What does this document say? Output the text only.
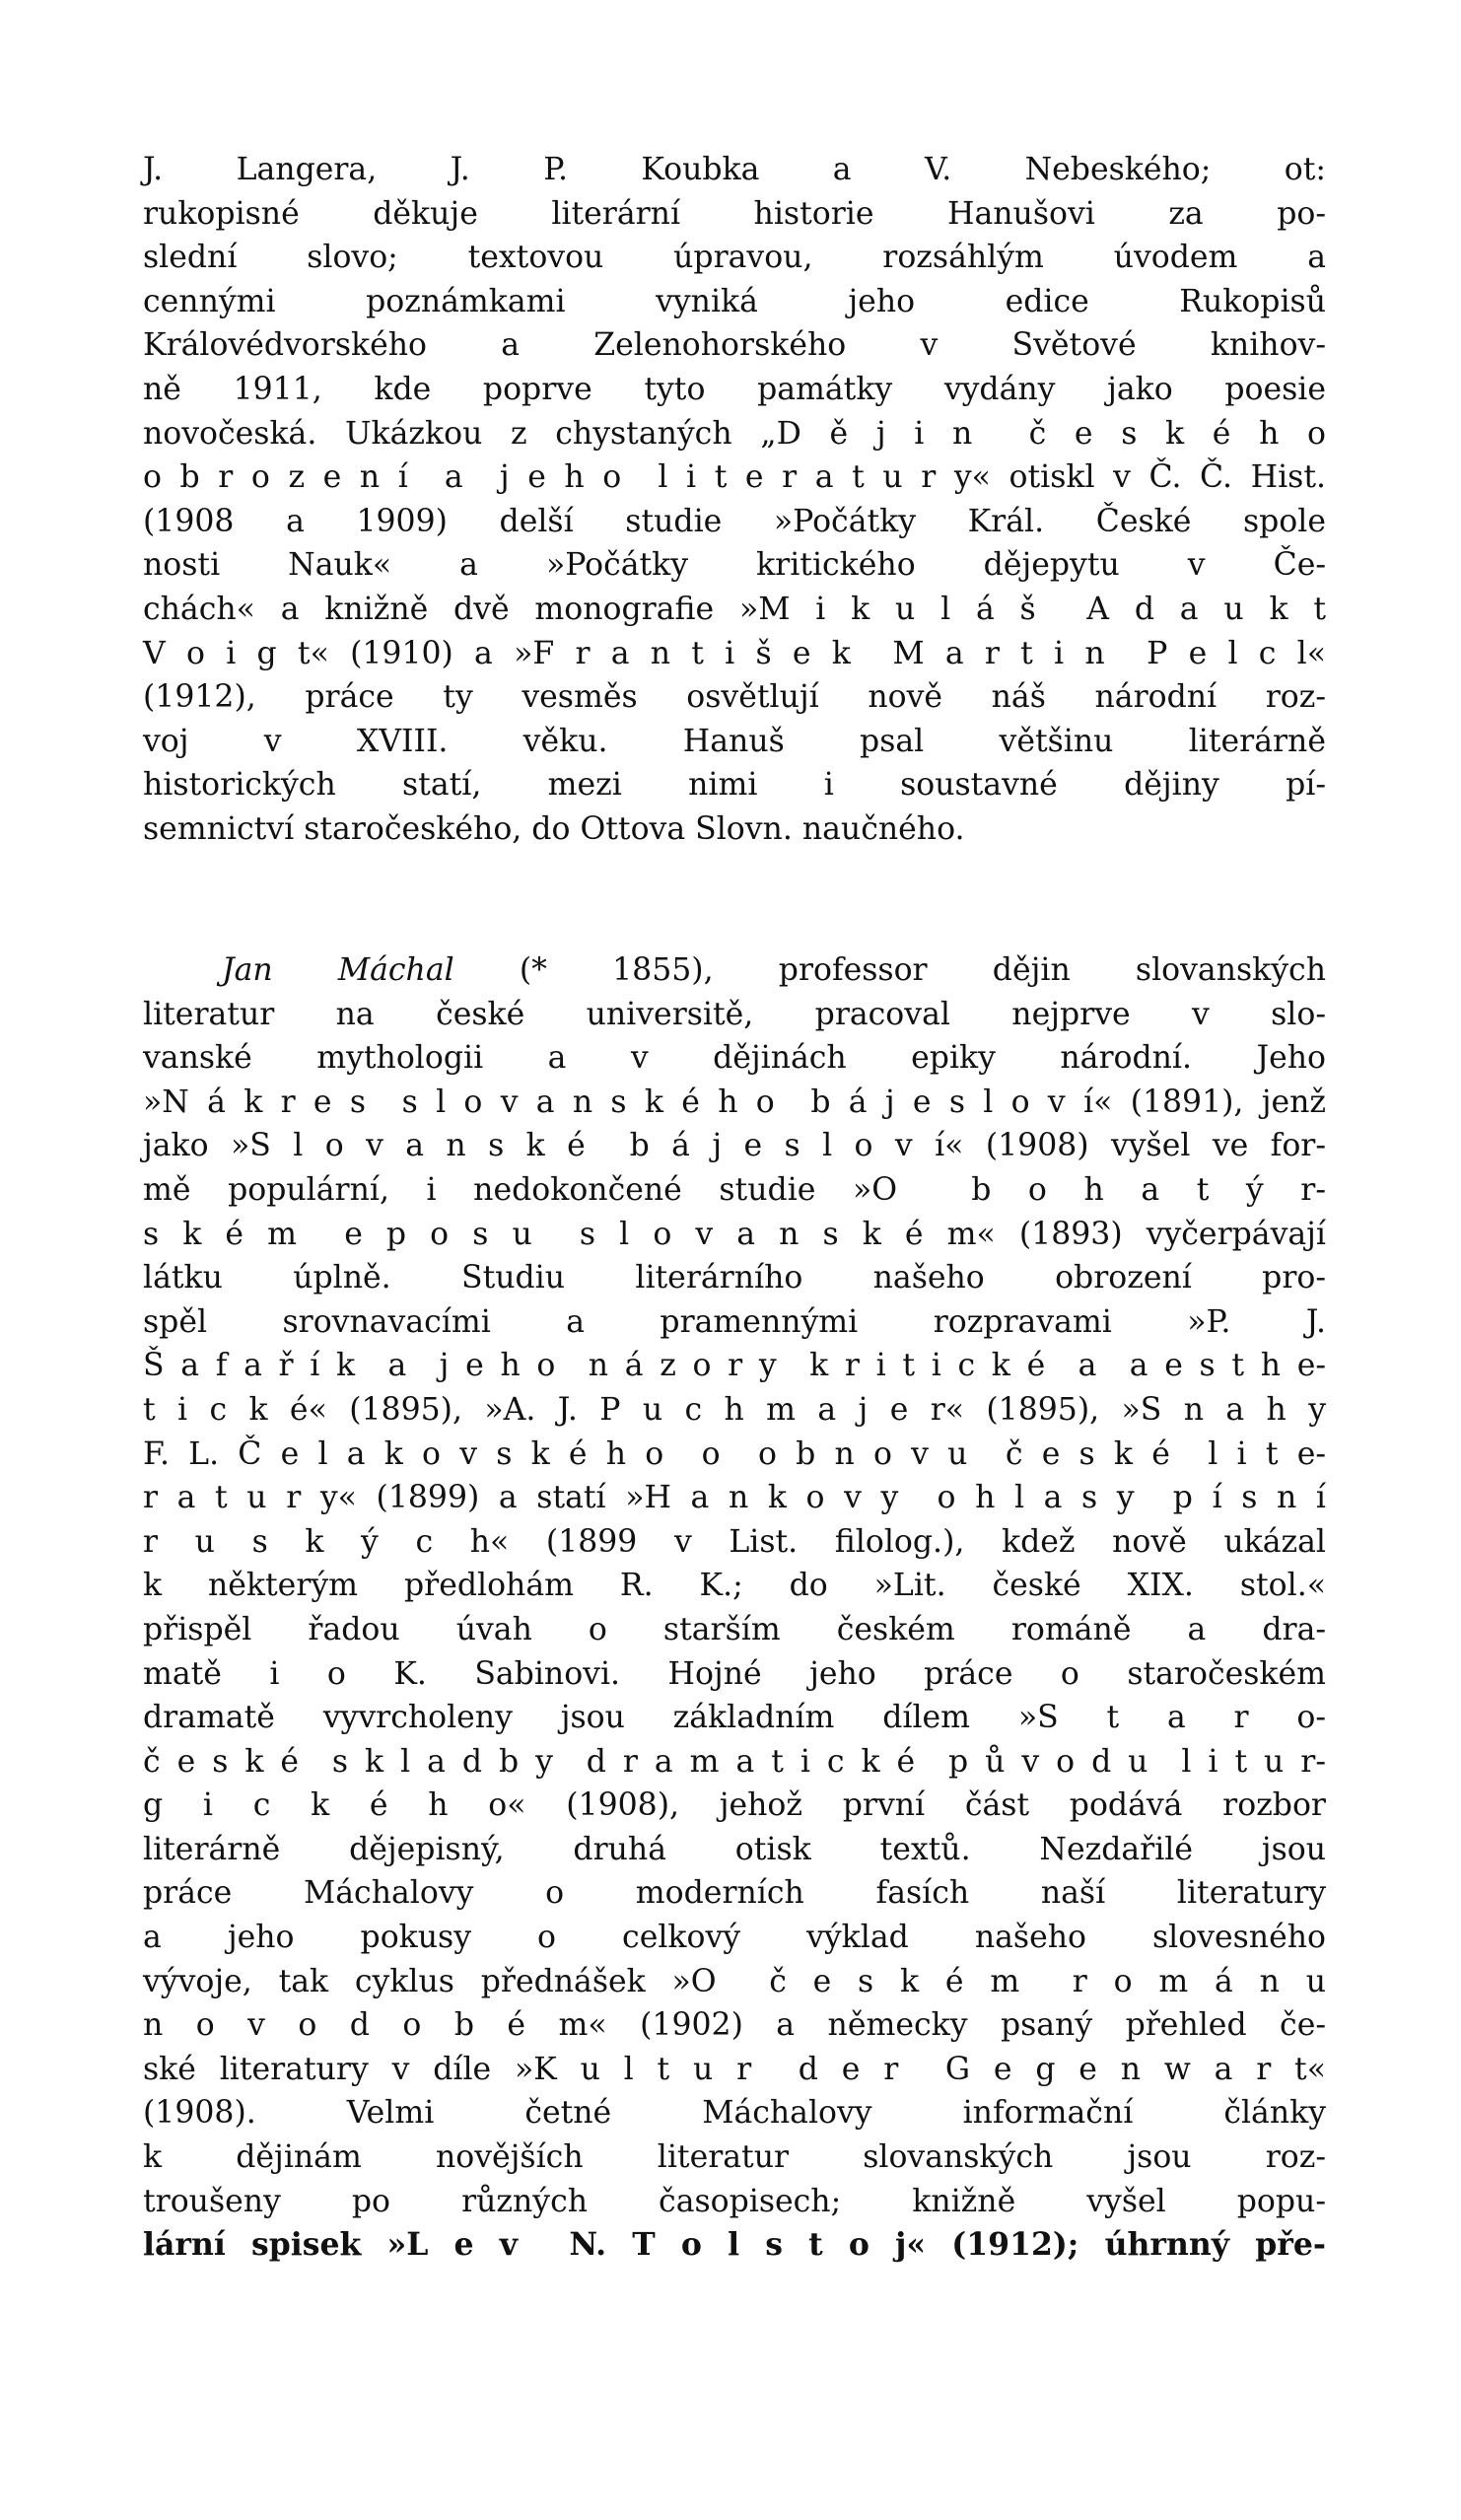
J. Langera, J. P. Koubka a V. Nebeského; ot:
rukopisné děkuje literární historie Hanušovi za po-
slední slovo; textovou úpravou, rozsáhlým úvodem a
cennými poznámkami vyniká jeho edice Rukopisů
Královédvorského a Zelenohorského v Světové knihov-
ně 1911, kde poprve tyto památky vydány jako poesie
novočeská. Ukázkou z chystaných „D ě j i n  č e s k é h o
o b r o z e n í  a  j e h o  l i t e r a t u r y« otiskl v Č. Č. Hist.
(1908 a 1909) delší studie »Počátky Král. České spole
nosti Nauk« a »Počátky kritického dějepytu v Če-
chách« a knižně dvě monografie »M i k u l á š  A d a u k t
V o i g t« (1910) a »F r a n t i š e k  M a r t i n  P e l c l«
(1912), práce ty vesměs osvětlují nově náš národní roz-
voj v XVIII. věku. Hanuš psal většinu literárně
historických statí, mezi nimi i soustavné dějiny pí-
semnictví staročeského, do Ottova Slovn. naučného.
Jan Máchal (* 1855), professor dějin slovanských
literatur na české universitě, pracoval nejprve v slo-
vanské mythologii a v dějinách epiky národní. Jeho
»N á k r e s  s l o v a n s k é h o  b á j e s l o v í« (1891), jenž
jako »S l o v a n s k é  b á j e s l o v í« (1908) vyšel ve for-
mě populární, i nedokončené studie »O  b o h a t ý r-
s k é m  e p o s u  s l o v a n s k é m« (1893) vyčerpávají
látku úplně. Studiu literárního našeho obrození pro-
spěl srovnavacími a pramennými rozpravami »P. J.
Š a f a ř í k  a  j e h o  n á z o r y  k r i t i c k é  a  a e s t h e-
t i c k é« (1895), »A. J. P u c h m a j e r« (1895), »S n a h y
F. L. Č e l a k o v s k é h o  o  o b n o v u  č e s k é  l i t e-
r a t u r y« (1899) a statí »H a n k o v y  o h l a s y  p í s n í
r u s k ý c h« (1899 v List. filolog.), kdež nově ukázal
k některým předlohám R. K.; do »Lit. české XIX. stol.«
přispěl řadou úvah o starším českém románě a dra-
matě i o K. Sabinovi. Hojné jeho práce o staročeském
dramatě vyvrcholeny jsou základním dílem »S t a r o-
č e s k é  s k l a d b y  d r a m a t i c k é  p ů v o d u  l i t u r-
g i c k é h o« (1908), jehož první část podává rozbor
literárně dějepisný, druhá otisk textů. Nezdařilé jsou
práce Máchalovy o moderních fasích naší literatury
a jeho pokusy o celkový výklad našeho slovesného
vývoje, tak cyklus přednášek »O  č e s k é m  r o m á n u
n o v o d o b é m« (1902) a německy psaný přehled če-
ské literatury v díle »K u l t u r  d e r  G e g e n w a r t«
(1908). Velmi četné Máchalovy informační články
k dějinám novějších literatur slovanských jsou roz-
troušeny po různých časopisech; knižně vyšel popu-
lární spisek »L e v  N. T o l s t o j« (1912); úhrnný pře-
